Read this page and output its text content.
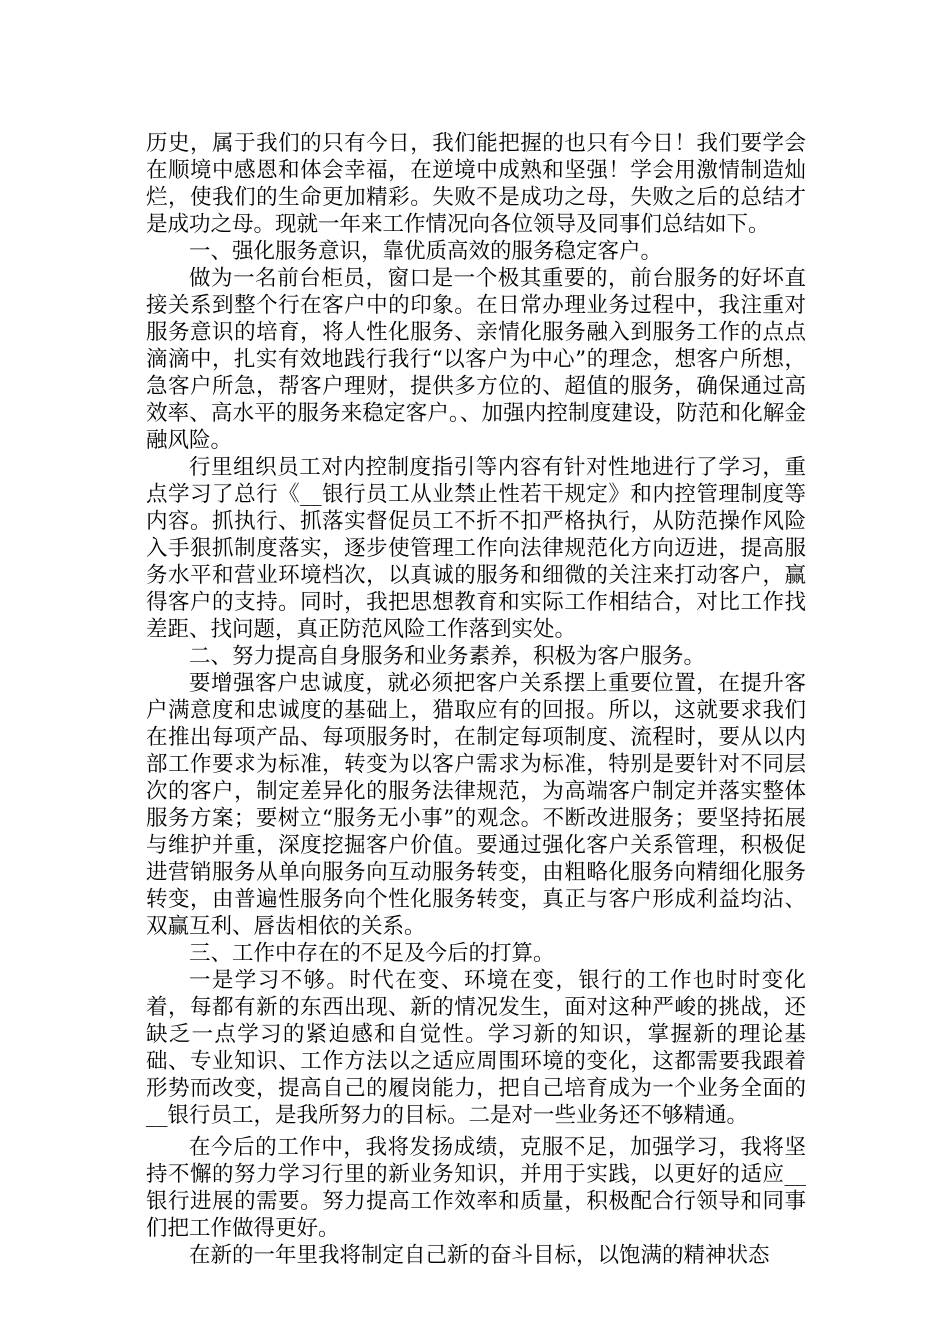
历史，属于我们的只有今日，我们能把握的也只有今日！我们要学会在顺境中感恩和体会幸福，在逆境中成熟和坚强！学会用激情制造灿烂，使我们的生命更加精彩。失败不是成功之母，失败之后的总结才是成功之母。现就一年来工作情况向各位领导及同事们总结如下。

一、强化服务意识，靠优质高效的服务稳定客户。

做为一名前台柜员，窗口是一个极其重要的，前台服务的好坏直接关系到整个行在客户中的印象。在日常办理业务过程中，我注重对服务意识的培育，将人性化服务、亲情化服务融入到服务工作的点点滴滴中，扎实有效地践行我行“以客户为中心”的理念，想客户所想，急客户所急，帮客户理财，提供多方位的、超值的服务，确保通过高效率、高水平的服务来稳定客户。、加强内控制度建设，防范和化解金融风险。

行里组织员工对内控制度指引等内容有针对性地进行了学习，重点学习了总行《__银行员工从业禁止性若干规定》和内控管理制度等内容。抓执行、抓落实督促员工不折不扣严格执行，从防范操作风险入手狠抓制度落实，逐步使管理工作向法律规范化方向迈进，提高服务水平和营业环境档次，以真诚的服务和细微的关注来打动客户，赢得客户的支持。同时，我把思想教育和实际工作相结合，对比工作找差距、找问题，真正防范风险工作落到实处。

二、努力提高自身服务和业务素养，积极为客户服务。

要增强客户忠诚度，就必须把客户关系摆上重要位置，在提升客户满意度和忠诚度的基础上，猎取应有的回报。所以，这就要求我们在推出每项产品、每项服务时，在制定每项制度、流程时，要从以内部工作要求为标准，转变为以客户需求为标准，特别是要针对不同层次的客户，制定差异化的服务法律规范，为高端客户制定并落实整体服务方案；要树立“服务无小事”的观念。不断改进服务；要坚持拓展与维护并重，深度挖掘客户价值。要通过强化客户关系管理，积极促进营销服务从单向服务向互动服务转变，由粗略化服务向精细化服务转变，由普遍性服务向个性化服务转变，真正与客户形成利益均沾、双赢互利、唇齿相依的关系。

三、工作中存在的不足及今后的打算。

一是学习不够。时代在变、环境在变，银行的工作也时时变化着，每都有新的东西出现、新的情况发生，面对这种严峻的挑战，还缺乏一点学习的紧迫感和自觉性。学习新的知识，掌握新的理论基础、专业知识、工作方法以之适应周围环境的变化，这都需要我跟着形势而改变，提高自己的履岗能力，把自己培育成为一个业务全面的__银行员工，是我所努力的目标。二是对一些业务还不够精通。

在今后的工作中，我将发扬成绩，克服不足，加强学习，我将坚持不懈的努力学习行里的新业务知识，并用于实践，以更好的适应__银行进展的需要。努力提高工作效率和质量，积极配合行领导和同事们把工作做得更好。

在新的一年里我将制定自己新的奋斗目标，以饱满的精神状态
